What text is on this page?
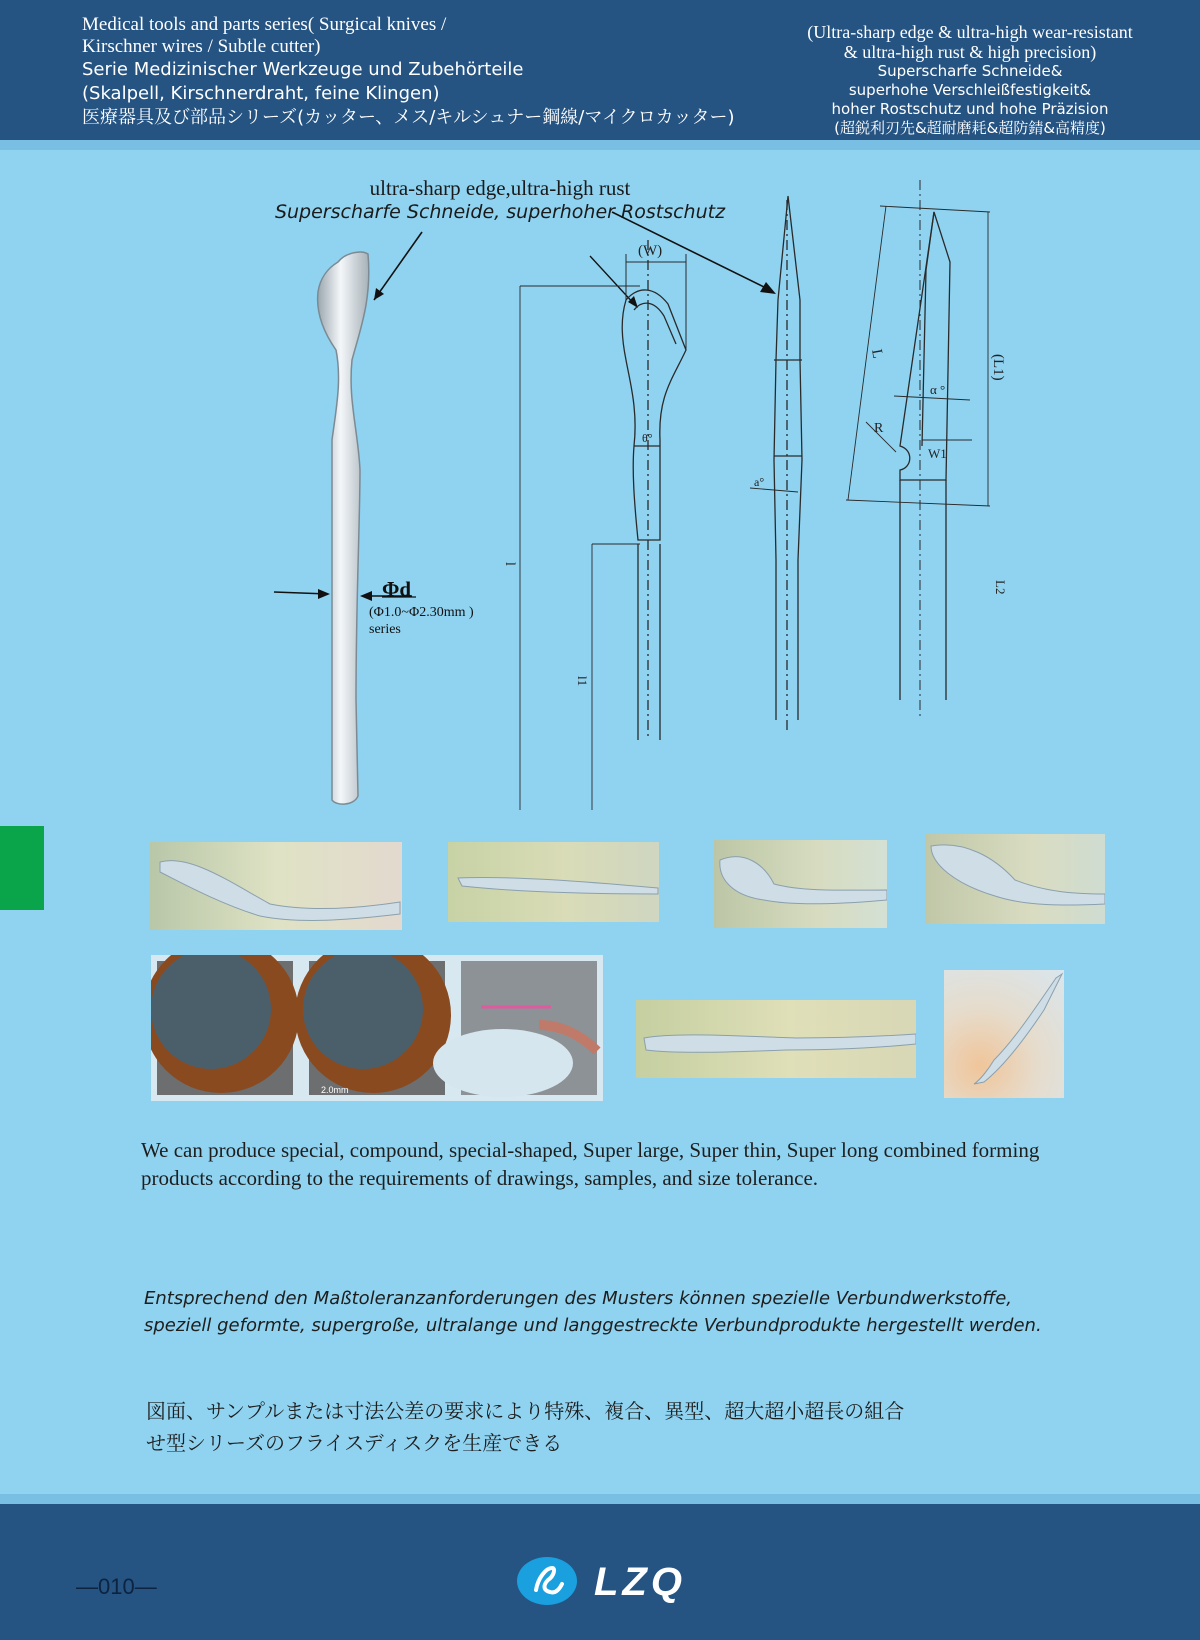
Medical tools and parts series( Surgical knives /
Kirschner wires / Subtle cutter)
Serie Medizinischer Werkzeuge und Zubehörteile
(Skalpell, Kirschnerdraht, feine Klingen)
医療器具及び部品シリーズ(カッター、メス/キルシュナー鋼線/マイクロカッター)
(Ultra-sharp edge & ultra-high wear-resistant
& ultra-high rust & high precision)
Superscharfe Schneide&
superhohe Verschleißfestigkeit&
hoher Rostschutz und hohe Präzision
(超鋭利刃先&超耐磨耗&超防錆&高精度)
ultra-sharp edge,ultra-high rust
Superscharfe Schneide, superhoher Rostschutz
(W)
θ°
l
l1
a°
L
(L1)
α °
R
W1
L2
Φd
(Φ1.0~Φ2.30mm )
series
2.0mm
We can produce special, compound, special-shaped, Super large, Super thin, Super long combined forming products according to the requirements of drawings, samples, and size tolerance.
Entsprechend den Maßtoleranzanforderungen des Musters können spezielle Verbundwerkstoffe,
speziell geformte, supergroße, ultralange und langgestreckte Verbundprodukte hergestellt werden.
図面、サンプルまたは寸法公差の要求により特殊、複合、異型、超大超小超長の組合
せ型シリーズのフライスディスクを生産できる
—010—	LZQ
